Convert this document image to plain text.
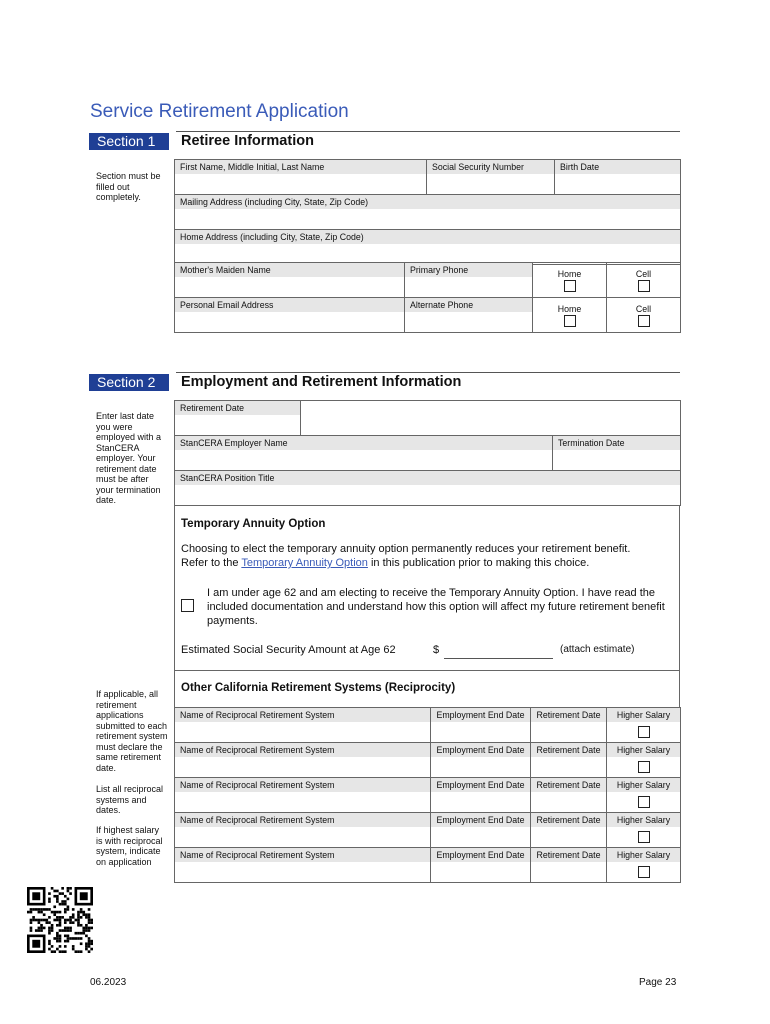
Service Retirement Application
Section 1	Retiree Information
Section must be filled out completely.
First Name, Middle Initial, Last Name	Social Security Number	Birth Date

Mailing Address (including City, State, Zip Code)

Home Address (including City, State, Zip Code)
Mother's Maiden Name	Primary Phone	Home	Cell

Personal Email Address	Alternate Phone	Home	Cell
Section 2	Employment and Retirement Information
Enter last date you were employed with a StanCERA employer. Your retirement date must be after your termination date.
Retirement Date		

StanCERA Employer Name		Termination Date

StanCERA Position Title		
Temporary Annuity Option
Choosing to elect the temporary annuity option permanently reduces your retirement benefit.
Refer to the Temporary Annuity Option in this publication prior to making this choice.
I am under age 62 and am electing to receive the Temporary Annuity Option. I have read the included documentation and understand how this option will affect my future retirement benefit payments.
Estimated Social Security Amount at Age 62	$	(attach estimate)
If applicable, all retirement applications submitted to each retirement system must declare the same retirement date.
List all reciprocal systems and dates.
If highest salary is with reciprocal system, indicate on application
Other California Retirement Systems (Reciprocity)
Name of Reciprocal Retirement System	Employment End Date	Retirement Date	Higher Salary

Name of Reciprocal Retirement System	Employment End Date	Retirement Date	Higher Salary

Name of Reciprocal Retirement System	Employment End Date	Retirement Date	Higher Salary

Name of Reciprocal Retirement System	Employment End Date	Retirement Date	Higher Salary

Name of Reciprocal Retirement System	Employment End Date	Retirement Date	Higher Salary
06.2023	Page 23
